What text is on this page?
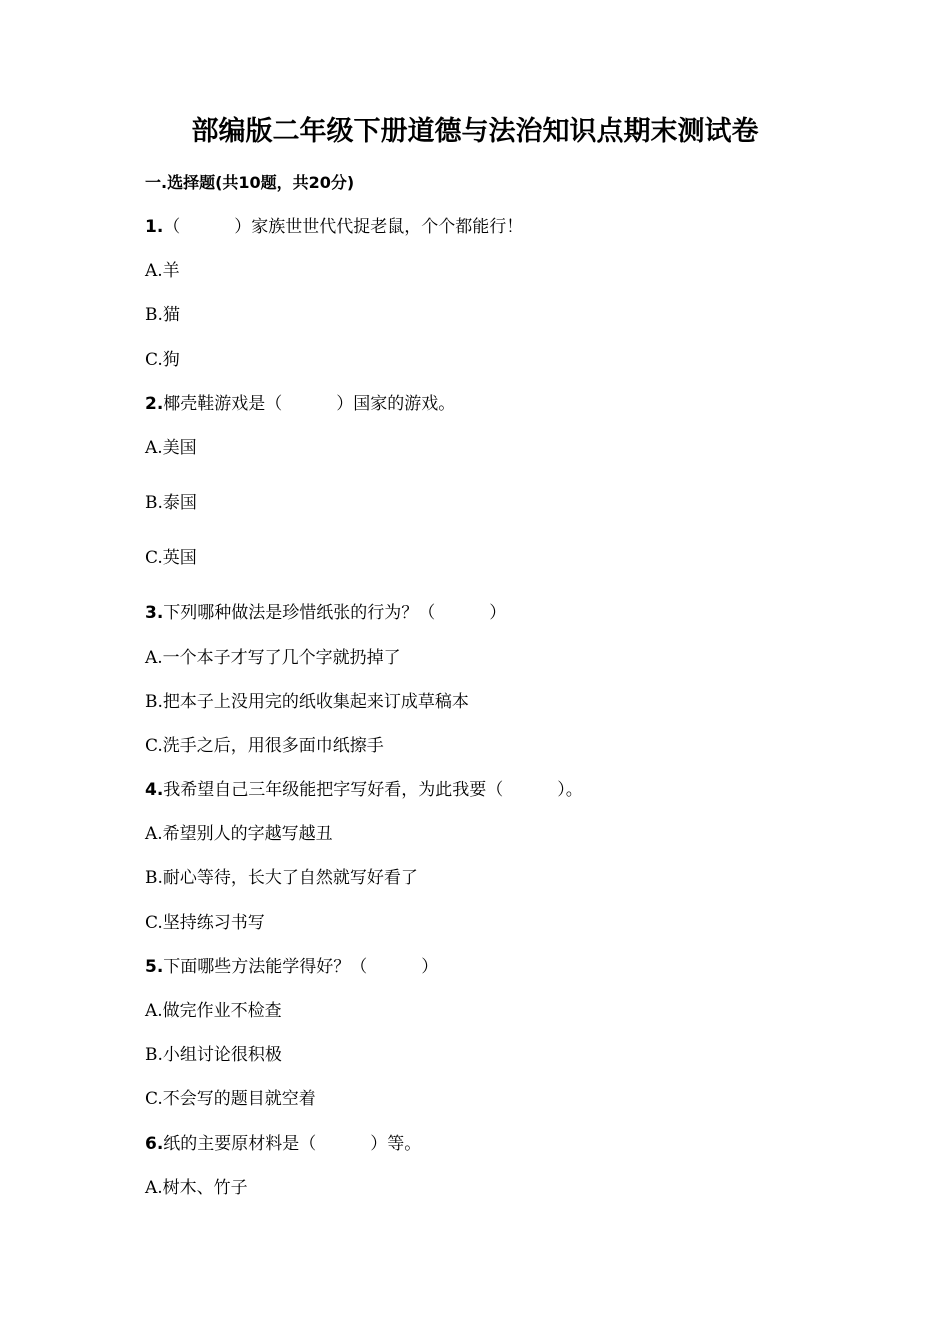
部编版二年级下册道德与法治知识点期末测试卷
一.选择题(共10题，共20分)
1.（	）家族世世代代捉老鼠，个个都能行！
A.羊
B.猫
C.狗
2.椰壳鞋游戏是（	）国家的游戏。
A.美国
B.泰国
C.英国
3.下列哪种做法是珍惜纸张的行为？（	）
A.一个本子才写了几个字就扔掉了
B.把本子上没用完的纸收集起来订成草稿本
C.洗手之后，用很多面巾纸擦手
4.我希望自己三年级能把字写好看，为此我要（	）。
A.希望别人的字越写越丑
B.耐心等待，长大了自然就写好看了
C.坚持练习书写
5.下面哪些方法能学得好？（	）
A.做完作业不检查
B.小组讨论很积极
C.不会写的题目就空着
6.纸的主要原材料是（	）等。
A.树木、竹子
